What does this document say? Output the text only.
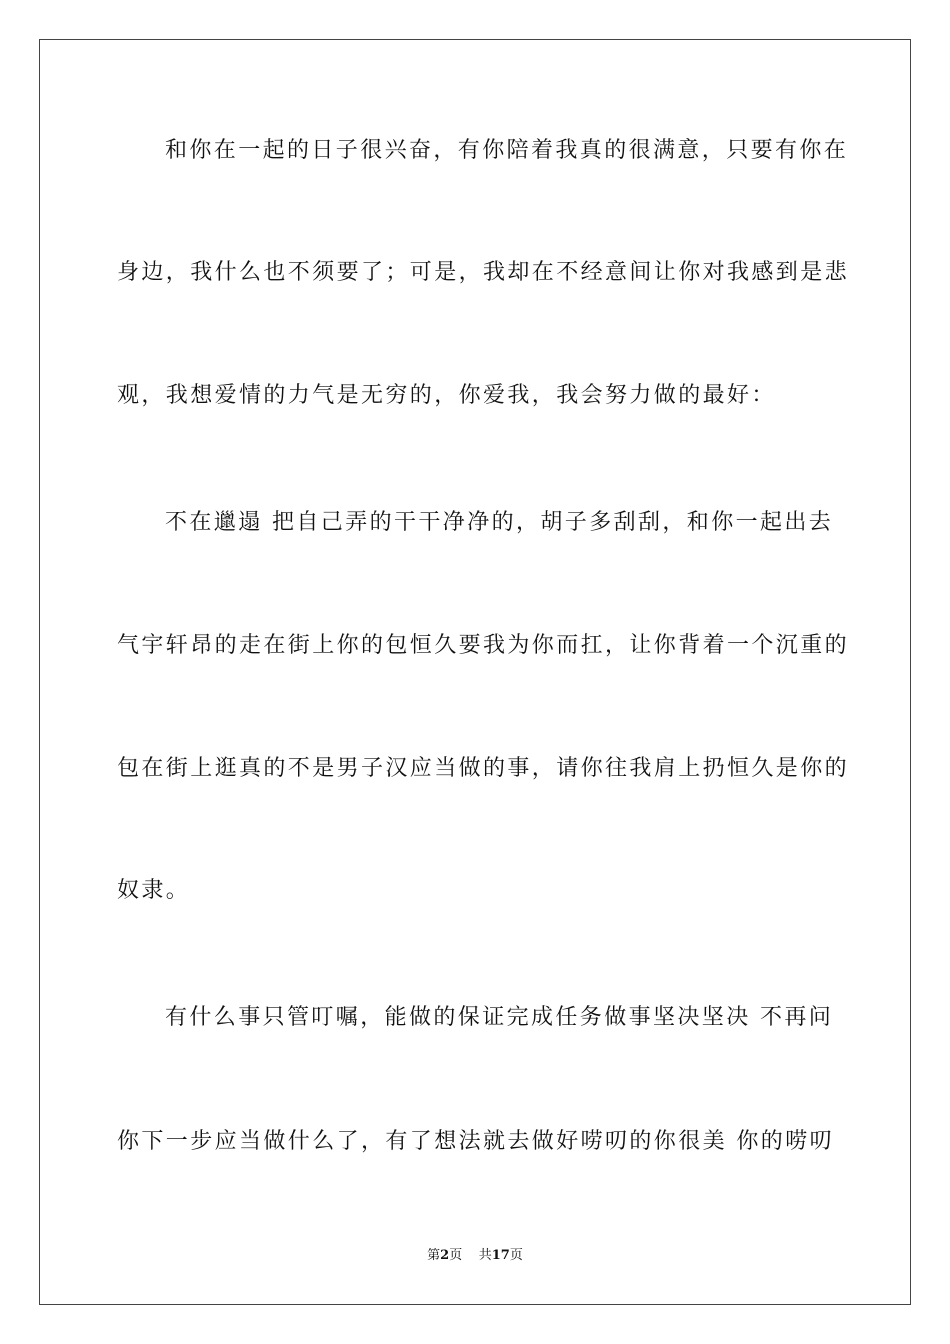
和你在一起的日子很兴奋，有你陪着我真的很满意，只要有你在
身边，我什么也不须要了；可是，我却在不经意间让你对我感到是悲
观，我想爱情的力气是无穷的，你爱我，我会努力做的最好：
不在邋遢 把自己弄的干干净净的，胡子多刮刮，和你一起出去
气宇轩昂的走在街上你的包恒久要我为你而扛，让你背着一个沉重的
包在街上逛真的不是男子汉应当做的事，请你往我肩上扔恒久是你的
奴隶。
有什么事只管叮嘱，能做的保证完成任务做事坚决坚决 不再问
你下一步应当做什么了，有了想法就去做好唠叨的你很美 你的唠叨
第2页 共17页
